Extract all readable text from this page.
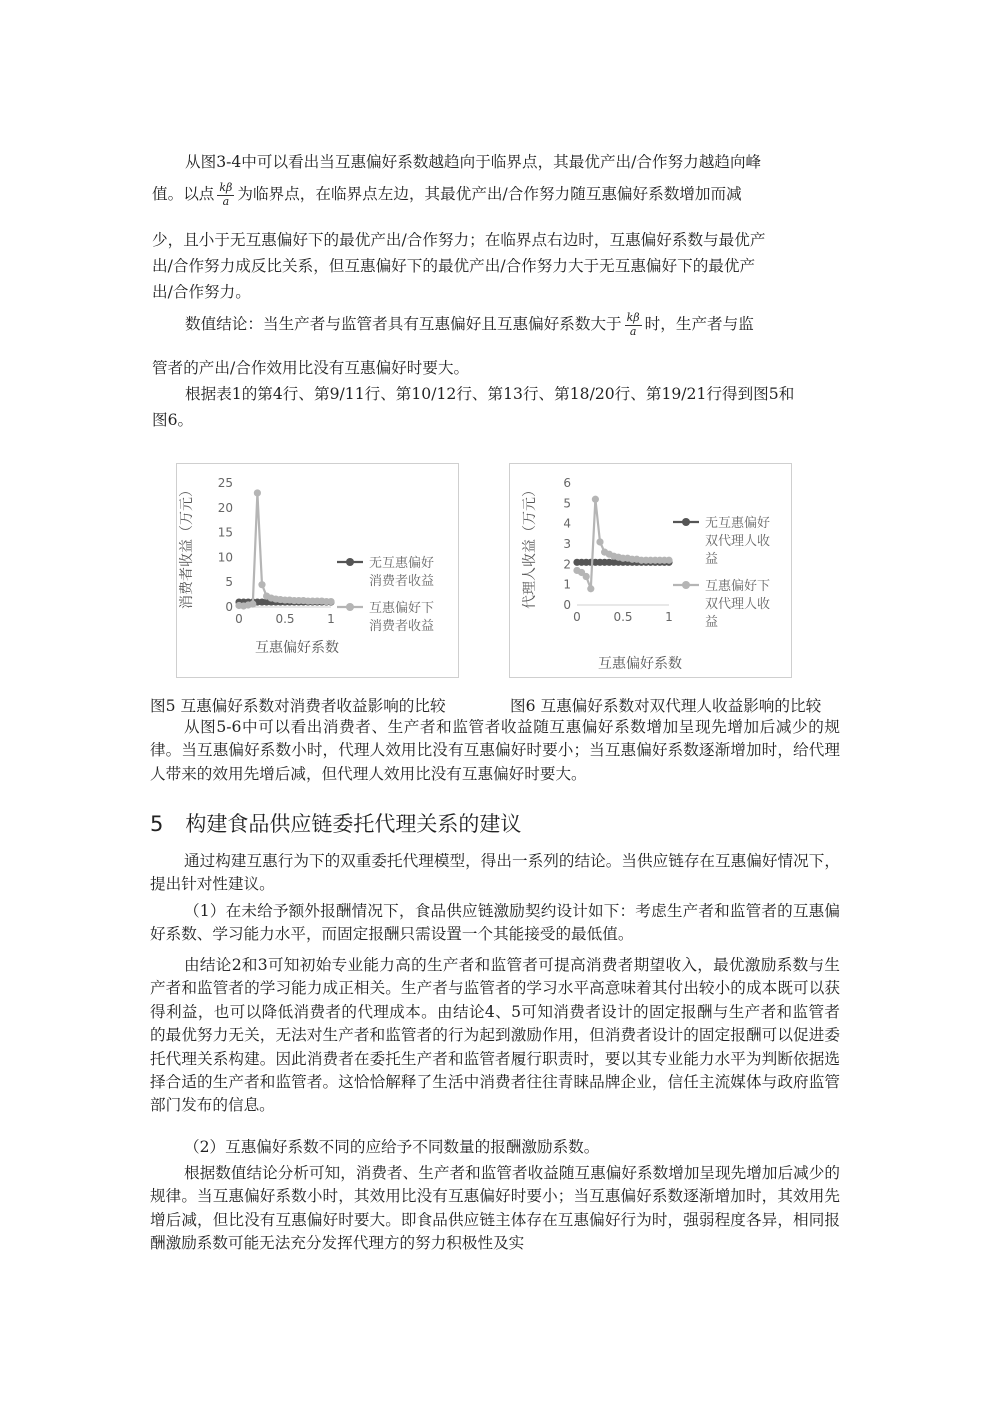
从图3-4中可以看出当互惠偏好系数越趋向于临界点，其最优产出/合作努力越趋向峰
值。以点 $\frac{k\beta}{a}$ 为临界点，在临界点左边，其最优产出/合作努力随互惠偏好系数增加而减
少，且小于无互惠偏好下的最优产出/合作努力；在临界点右边时，互惠偏好系数与最优产
出/合作努力成反比关系，但互惠偏好下的最优产出/合作努力大于无互惠偏好下的最优产
出/合作努力。
数值结论：当生产者与监管者具有互惠偏好且互惠偏好系数大于 $\frac{k\beta}{a}$ 时，生产者与监
管者的产出/合作效用比没有互惠偏好时要大。
根据表1的第4行、第9/11行、第10/12行、第13行、第18/20行、第19/21行得到图5和
图6。
0
5
10
15
20
25
0	0.5	1
互惠偏好系数
消费者收益（万元）	无互惠偏好
消费者收益
互惠偏好下
消费者收益
0
1
2
3
4
5
6
0	0.5	1
互惠偏好系数
代理人收益（万元）	无互惠偏好
双代理人收
益
互惠偏好下
双代理人收
益
图5 互惠偏好系数对消费者收益影响的比较	图6 互惠偏好系数对双代理人收益影响的比较

从图5-6中可以看出消费者、生产者和监管者收益随互惠偏好系数增加呈现先增加后减少的规律。当互惠偏好系数小时，代理人效用比没有互惠偏好时要小；当互惠偏好系数逐渐增加时，给代理人带来的效用先增后减，但代理人效用比没有互惠偏好时要大。

5 构建食品供应链委托代理关系的建议

通过构建互惠行为下的双重委托代理模型，得出一系列的结论。当供应链存在互惠偏好情况下，提出针对性建议。

（1）在未给予额外报酬情况下，食品供应链激励契约设计如下：考虑生产者和监管者的互惠偏好系数、学习能力水平，而固定报酬只需设置一个其能接受的最低值。

由结论2和3可知初始专业能力高的生产者和监管者可提高消费者期望收入，最优激励系数与生产者和监管者的学习能力成正相关。生产者与监管者的学习水平高意味着其付出较小的成本既可以获得利益，也可以降低消费者的代理成本。由结论4、5可知消费者设计的固定报酬与生产者和监管者的最优努力无关，无法对生产者和监管者的行为起到激励作用，但消费者设计的固定报酬可以促进委托代理关系构建。因此消费者在委托生产者和监管者履行职责时，要以其专业能力水平为判断依据选择合适的生产者和监管者。这恰恰解释了生活中消费者往往青睐品牌企业，信任主流媒体与政府监管部门发布的信息。

（2）互惠偏好系数不同的应给予不同数量的报酬激励系数。

根据数值结论分析可知，消费者、生产者和监管者收益随互惠偏好系数增加呈现先增加后减少的规律。当互惠偏好系数小时，其效用比没有互惠偏好时要小；当互惠偏好系数逐渐增加时，其效用先增后减，但比没有互惠偏好时要大。即食品供应链主体存在互惠偏好行为时，强弱程度各异，相同报酬激励系数可能无法充分发挥代理方的努力积极性及实
